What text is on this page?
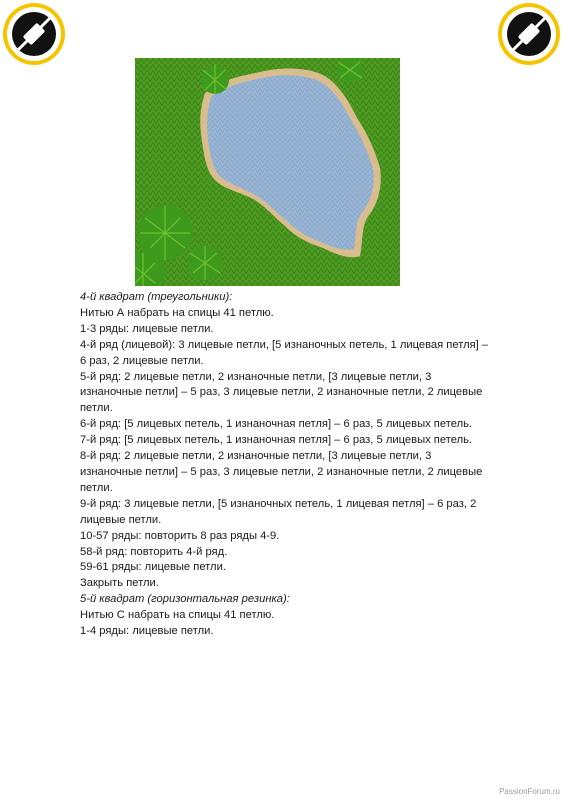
4-й квадрат (треугольники):

Нитью А набрать на спицы 41 петлю.

1-3 ряды: лицевые петли.

4-й ряд (лицевой): 3 лицевые петли, [5 изнаночных петель, 1 лицевая петля] –

6 раз, 2 лицевые петли.

5-й ряд: 2 лицевые петли, 2 изнаночные петли, [3 лицевые петли, 3

изнаночные петли] – 5 раз, 3 лицевые петли, 2 изнаночные петли, 2 лицевые

петли.

6-й ряд: [5 лицевых петель, 1 изнаночная петля] – 6 раз, 5 лицевых петель.

7-й ряд: [5 лицевых петель, 1 изнаночная петля] – 6 раз, 5 лицевых петель.

8-й ряд: 2 лицевые петли, 2 изнаночные петли, [3 лицевые петли, 3

изнаночные петли] – 5 раз, 3 лицевые петли, 2 изнаночные петли, 2 лицевые

петли.

9-й ряд: 3 лицевые петли, [5 изнаночных петель, 1 лицевая петля] – 6 раз, 2

лицевые петли.

10-57 ряды: повторить 8 раз ряды 4-9.

58-й ряд: повторить 4-й ряд.

59-61 ряды: лицевые петли.

Закрыть петли.

5-й квадрат (горизонтальная резинка):

Нитью С набрать на спицы 41 петлю.

1-4 ряды: лицевые петли.

PassionForum.ru
